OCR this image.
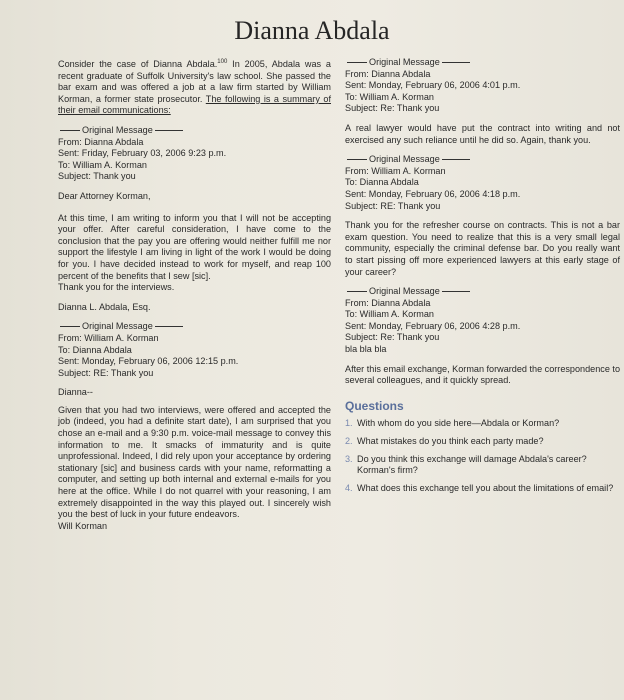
Dianna Abdala

Consider the case of Dianna Abdala.$^{100}$ In 2005, Abdala was a recent graduate of Suffolk University's law school. She passed the bar exam and was offered a job at a law firm started by William Korman, a former state prosecutor. The following is a summary of their email communications:

Original Message
From: Dianna Abdala
Sent: Friday, February 03, 2006 9:23 p.m.
To: William A. Korman
Subject: Thank you

Dear Attorney Korman,

At this time, I am writing to inform you that I will not be accepting your offer. After careful consideration, I have come to the conclusion that the pay you are offering would neither fulfill me nor support the lifestyle I am living in light of the work I would be doing for you. I have decided instead to work for myself, and reap 100 percent of the benefits that I sew [sic].

Thank you for the interviews.

Dianna L. Abdala, Esq.

Original Message
From: William A. Korman
To: Dianna Abdala
Sent: Monday, February 06, 2006 12:15 p.m.
Subject: RE: Thank you

Dianna--

Given that you had two interviews, were offered and accepted the job (indeed, you had a definite start date), I am surprised that you chose an e-mail and a 9:30 p.m. voice-mail message to convey this information to me. It smacks of immaturity and is quite unprofessional. Indeed, I did rely upon your acceptance by ordering stationary [sic] and business cards with your name, reformatting a computer, and setting up both internal and external e-mails for you here at the office. While I do not quarrel with your reasoning, I am extremely disappointed in the way this played out. I sincerely wish you the best of luck in your future endeavors.

Will Korman

Original Message
From: Dianna Abdala
Sent: Monday, February 06, 2006 4:01 p.m.
To: William A. Korman
Subject: Re: Thank you

A real lawyer would have put the contract into writing and not exercised any such reliance until he did so. Again, thank you.

Original Message
From: William A. Korman
To: Dianna Abdala
Sent: Monday, February 06, 2006 4:18 p.m.
Subject: RE: Thank you

Thank you for the refresher course on contracts. This is not a bar exam question. You need to realize that this is a very small legal community, especially the criminal defense bar. Do you really want to start pissing off more experienced lawyers at this early stage of your career?

Original Message
From: Dianna Abdala
To: William A. Korman
Sent: Monday, February 06, 2006 4:28 p.m.
Subject: Re: Thank you
bla bla bla

After this email exchange, Korman forwarded the correspondence to several colleagues, and it quickly spread.

Questions
1. With whom do you side here—Abdala or Korman?
2. What mistakes do you think each party made?
3. Do you think this exchange will damage Abdala's career? Korman's firm?
4. What does this exchange tell you about the limitations of email?
